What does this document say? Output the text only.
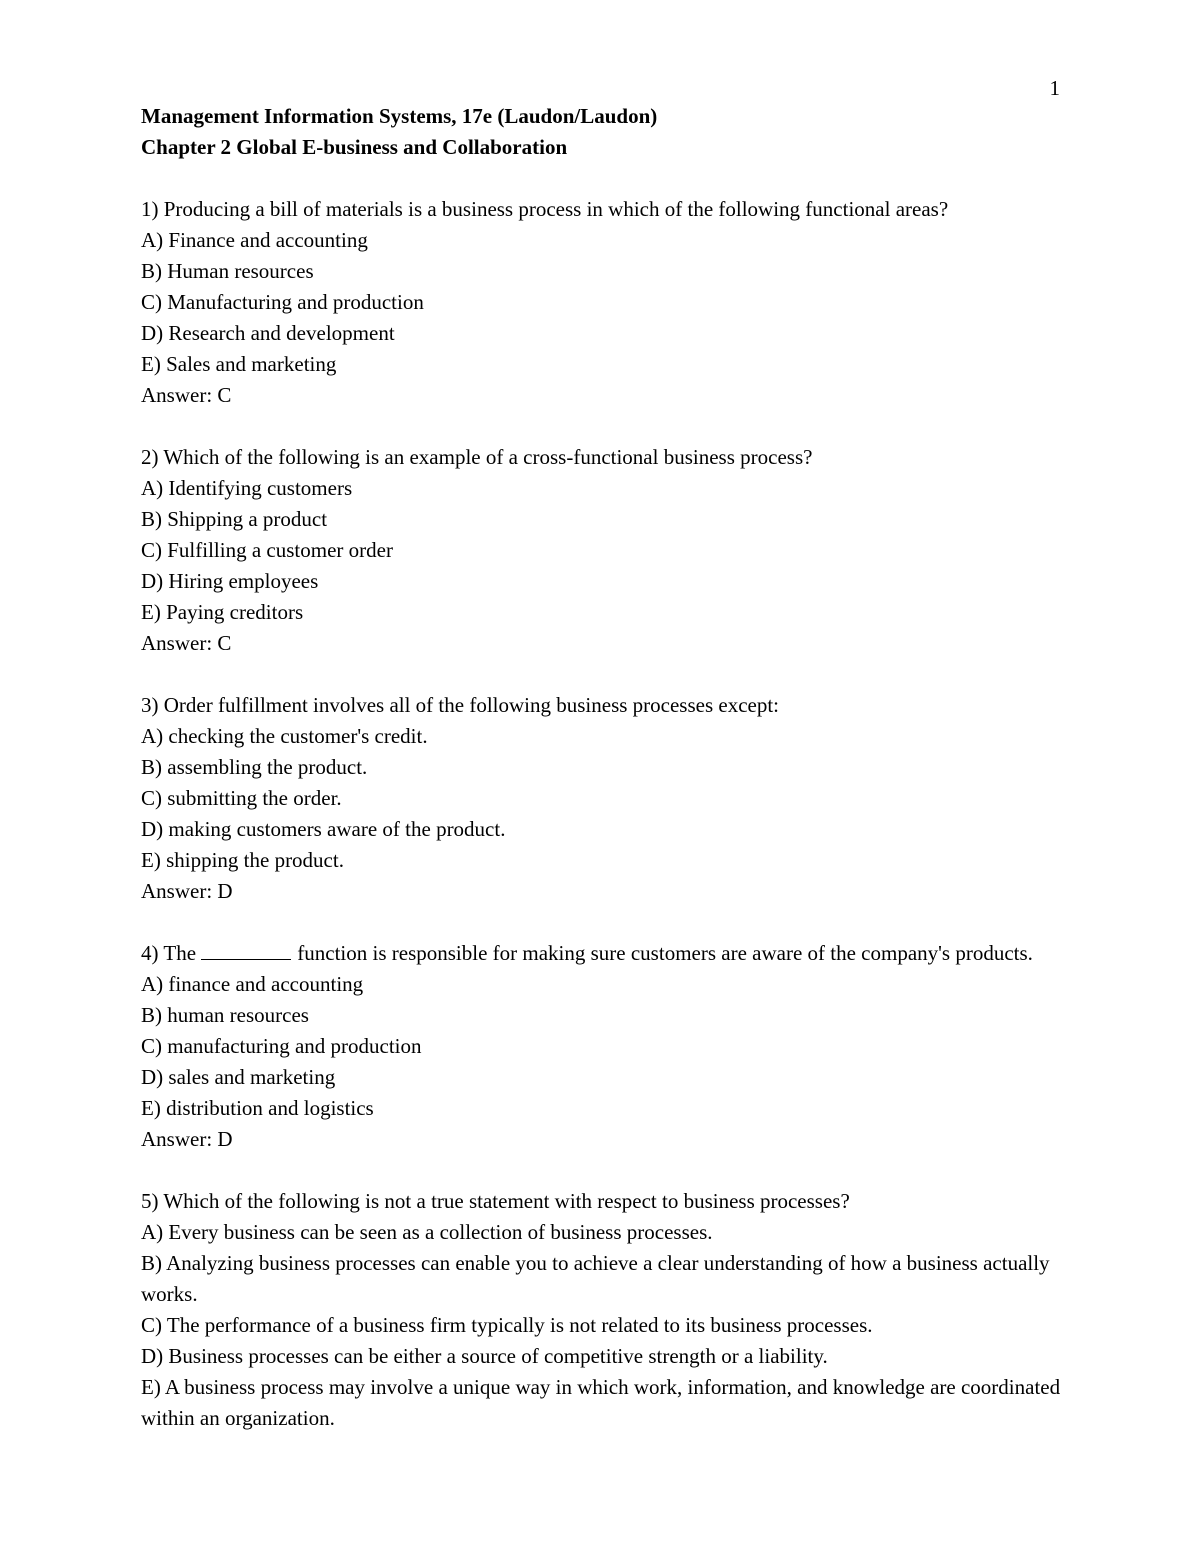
1

Management Information Systems, 17e (Laudon/Laudon)

Chapter 2 Global E-business and Collaboration

1) Producing a bill of materials is a business process in which of the following functional areas?

A) Finance and accounting

B) Human resources

C) Manufacturing and production

D) Research and development

E) Sales and marketing

Answer: C

2) Which of the following is an example of a cross-functional business process?

A) Identifying customers

B) Shipping a product

C) Fulfilling a customer order

D) Hiring employees

E) Paying creditors

Answer: C

3) Order fulfillment involves all of the following business processes except:

A) checking the customer's credit.

B) assembling the product.

C) submitting the order.

D) making customers aware of the product.

E) shipping the product.

Answer: D

4) The	function is responsible for making sure customers are aware of the company's products.

A) finance and accounting

B) human resources

C) manufacturing and production

D) sales and marketing

E) distribution and logistics

Answer: D

5) Which of the following is not a true statement with respect to business processes?

A) Every business can be seen as a collection of business processes.

B) Analyzing business processes can enable you to achieve a clear understanding of how a business actually works.

C) The performance of a business firm typically is not related to its business processes.

D) Business processes can be either a source of competitive strength or a liability.

E) A business process may involve a unique way in which work, information, and knowledge are coordinated within an organization.
